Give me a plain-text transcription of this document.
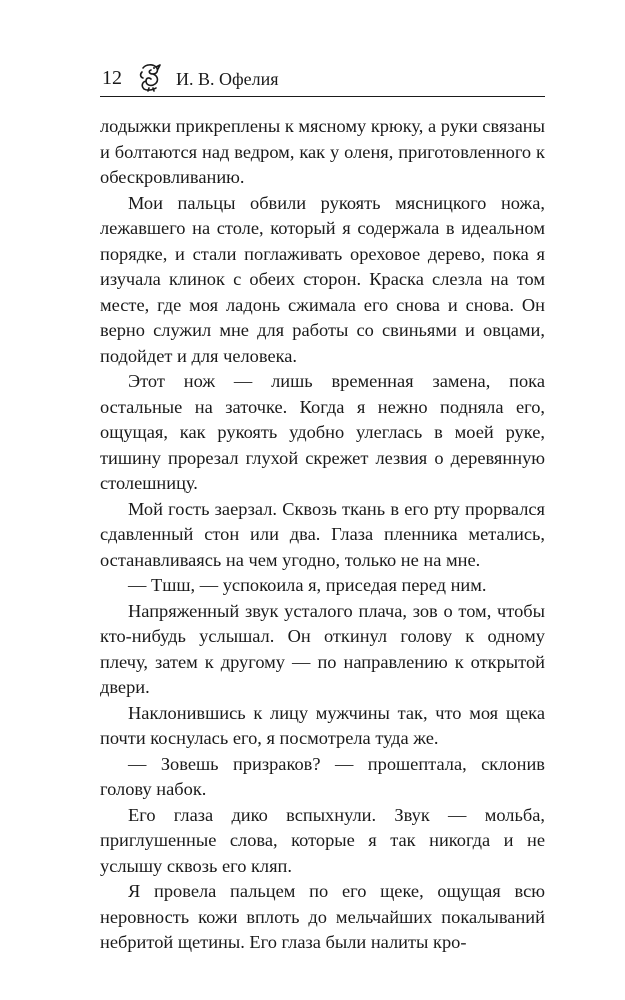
12	И. В. Офелия

лодыжки прикреплены к мясному крюку, а руки связаны и болтаются над ведром, как у оленя, приготовленного к обескровливанию.

Мои пальцы обвили рукоять мясницкого ножа, лежавшего на столе, который я содержала в идеальном порядке, и стали поглаживать ореховое дерево, пока я изучала клинок с обеих сторон. Краска слезла на том месте, где моя ладонь сжимала его снова и снова. Он верно служил мне для работы со свиньями и овцами, подойдет и для человека.

Этот нож — лишь временная замена, пока остальные на заточке. Когда я нежно подняла его, ощущая, как рукоять удобно улеглась в моей руке, тишину прорезал глухой скрежет лезвия о деревянную столешницу.

Мой гость заерзал. Сквозь ткань в его рту прорвался сдавленный стон или два. Глаза пленника метались, останавливаясь на чем угодно, только не на мне.

— Тшш, — успокоила я, приседая перед ним.

Напряженный звук усталого плача, зов о том, чтобы кто-нибудь услышал. Он откинул голову к одному плечу, затем к другому — по направлению к открытой двери.

Наклонившись к лицу мужчины так, что моя щека почти коснулась его, я посмотрела туда же.

— Зовешь призраков? — прошептала, склонив голову набок.

Его глаза дико вспыхнули. Звук — мольба, приглушенные слова, которые я так никогда и не услышу сквозь его кляп.

Я провела пальцем по его щеке, ощущая всю неровность кожи вплоть до мельчайших покалываний небритой щетины. Его глаза были налиты кро-
